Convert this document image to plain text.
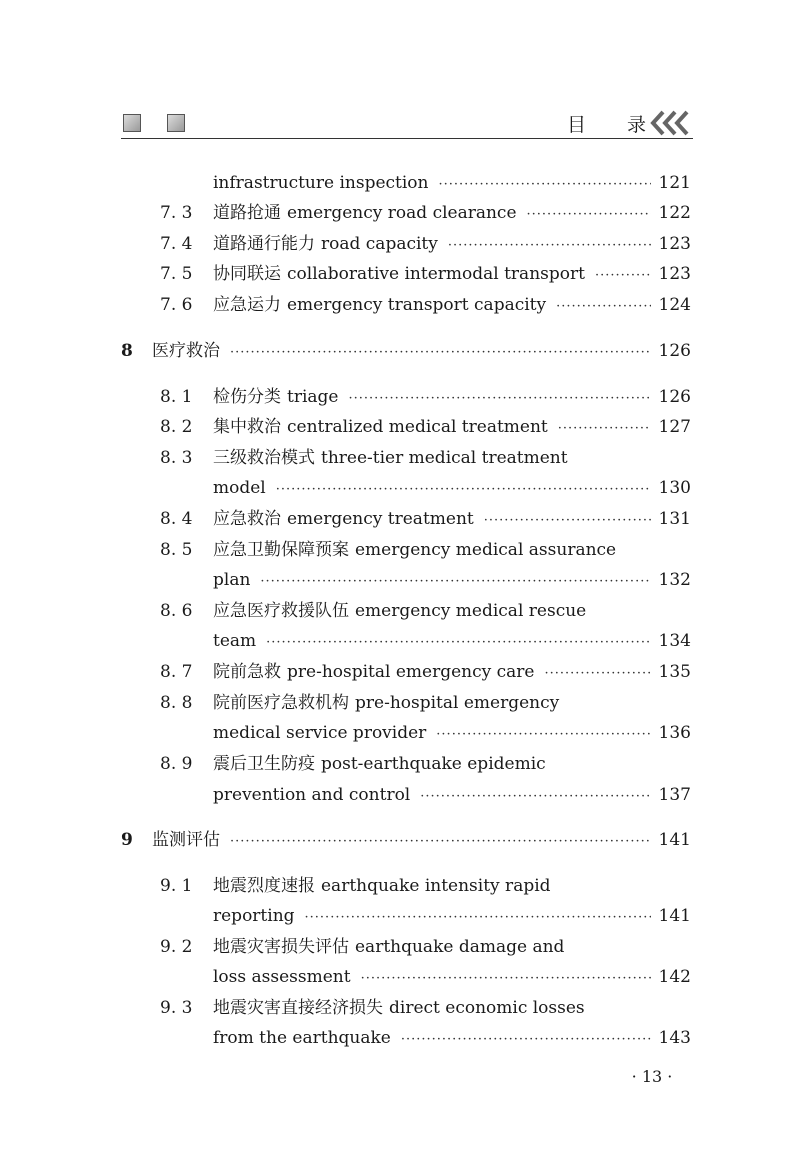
目 录
infrastructure inspection ·····	121
7. 3 道路抢通 emergency road clearance ·····	122
7. 4 道路通行能力 road capacity ·····	123
7. 5 协同联运 collaborative intermodal transport ·····	123
7. 6 应急运力 emergency transport capacity ·····	124
8 医疗救治 ·····	126
8. 1 检伤分类 triage ·····	126
8. 2 集中救治 centralized medical treatment ·····	127
8. 3 三级救治模式 three-tier medical treatment
model ·····	130
8. 4 应急救治 emergency treatment ·····	131
8. 5 应急卫勤保障预案 emergency medical assurance
plan ·····	132
8. 6 应急医疗救援队伍 emergency medical rescue
team ·····	134
8. 7 院前急救 pre-hospital emergency care ·····	135
8. 8 院前医疗急救机构 pre-hospital emergency
medical service provider ·····	136
8. 9 震后卫生防疫 post-earthquake epidemic
prevention and control ·····	137
9 监测评估 ·····	141
9. 1 地震烈度速报 earthquake intensity rapid
reporting ·····	141
9. 2 地震灾害损失评估 earthquake damage and
loss assessment ·····	142
9. 3 地震灾害直接经济损失 direct economic losses
from the earthquake ·····	143
· 13 ·
